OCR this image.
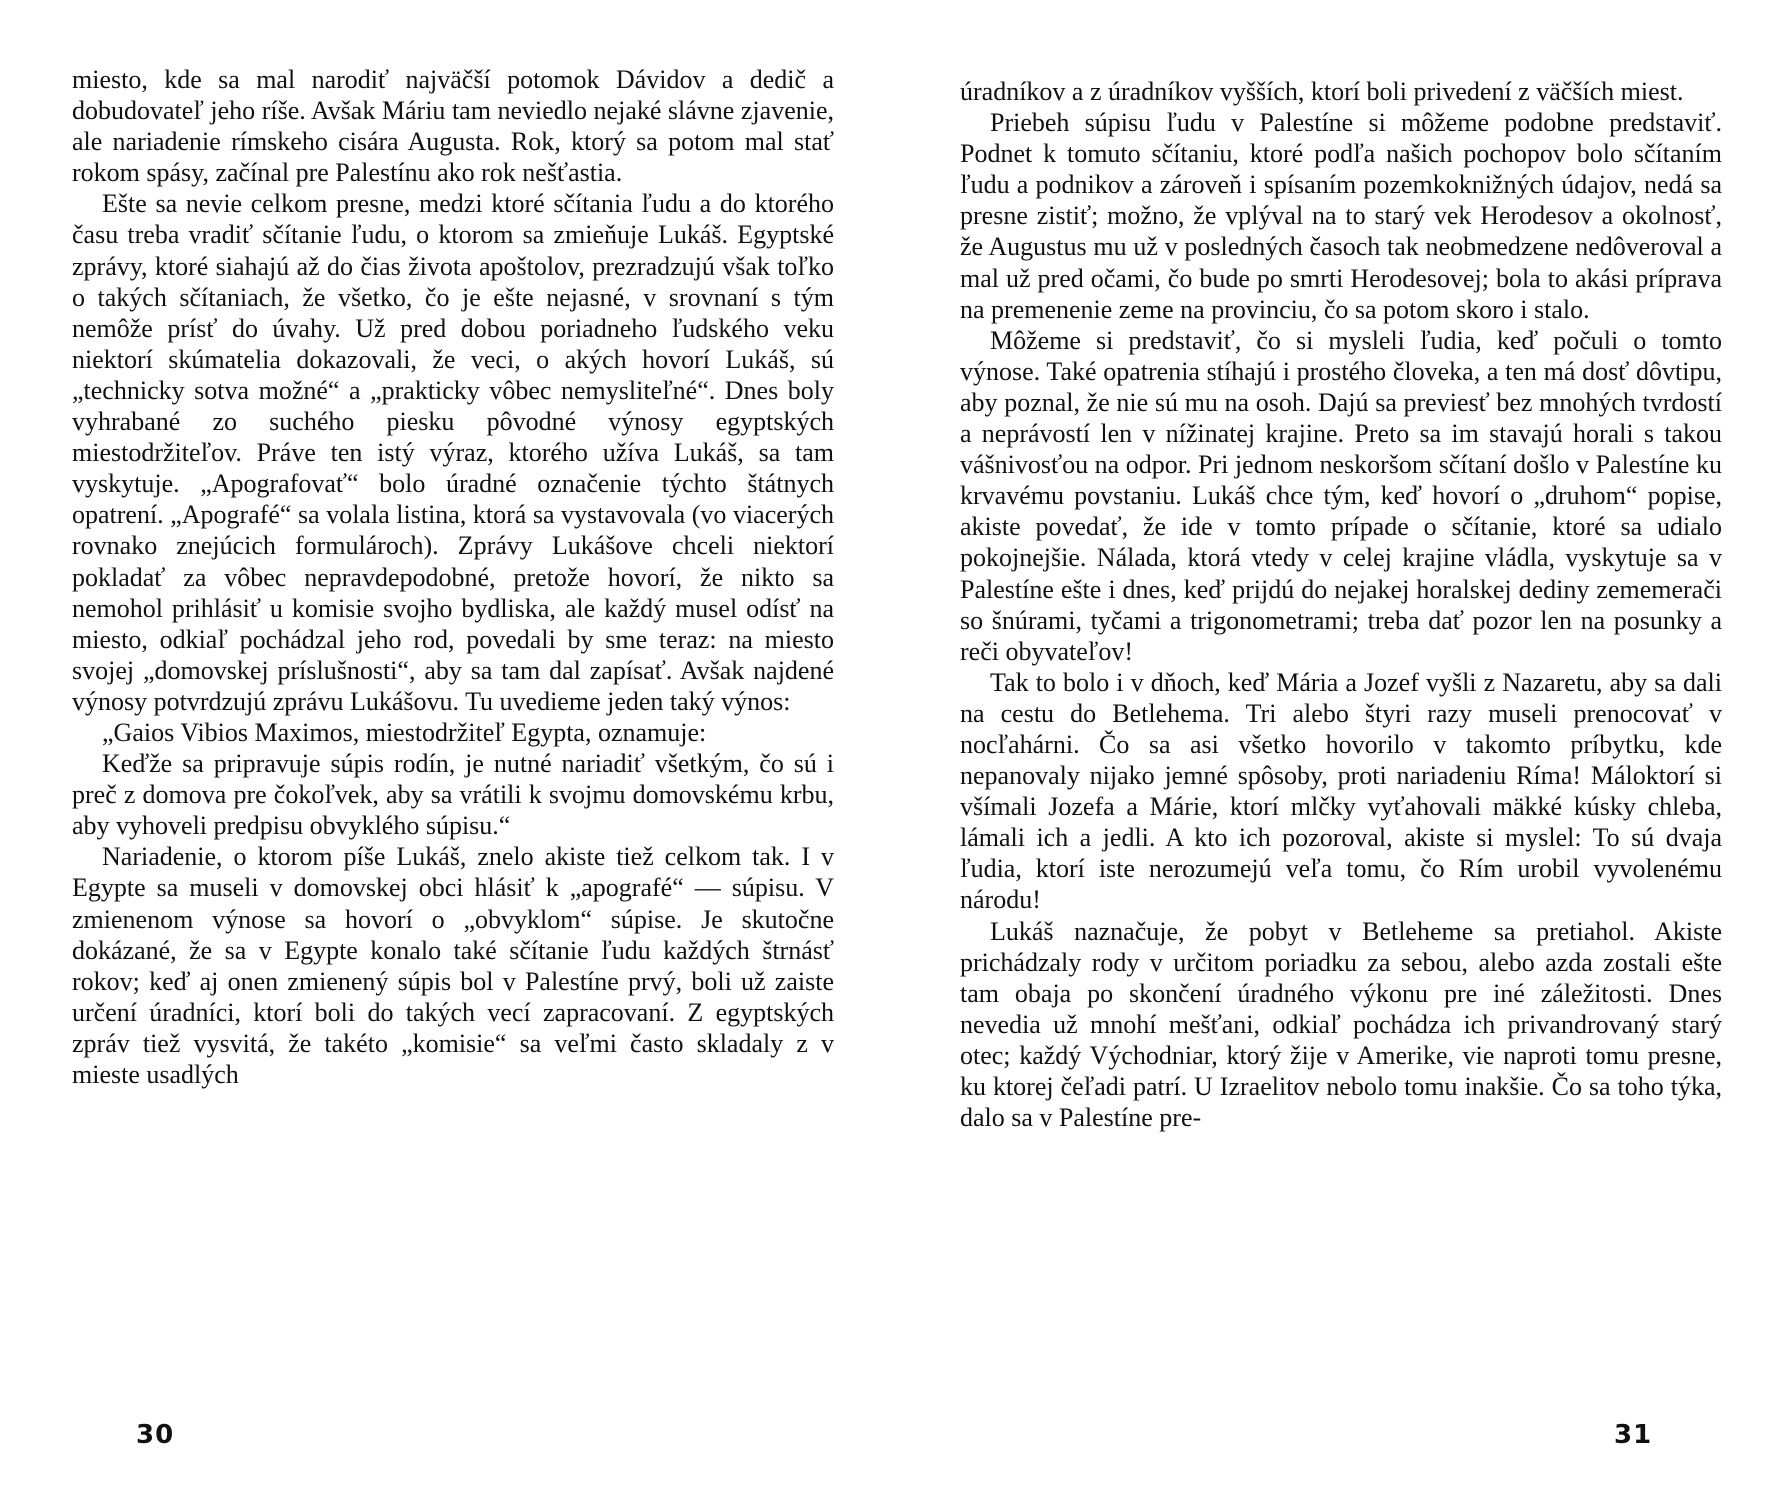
miesto, kde sa mal narodiť najväčší potomok Dávidov a dedič a dobudovateľ jeho ríše. Avšak Máriu tam neviedlo nejaké slávne zjavenie, ale nariadenie rímskeho cisára Augusta. Rok, ktorý sa potom mal stať rokom spásy, začínal pre Palestínu ako rok nešťastia.

Ešte sa nevie celkom presne, medzi ktoré sčítania ľudu a do ktorého času treba vradiť sčítanie ľudu, o ktorom sa zmieňuje Lukáš. Egyptské zprávy, ktoré siahajú až do čias života apoštolov, prezradzujú však toľko o takých sčítaniach, že všetko, čo je ešte nejasné, v srovnaní s tým nemôže prísť do úvahy. Už pred dobou poriadneho ľudského veku niektorí skúmatelia dokazovali, že veci, o akých hovorí Lukáš, sú „technicky sotva možné“ a „prakticky vôbec nemysliteľné“. Dnes boly vyhrabané zo suchého piesku pôvodné výnosy egyptských miestodržiteľov. Práve ten istý výraz, ktorého užíva Lukáš, sa tam vyskytuje. „Apografovať“ bolo úradné označenie týchto štátnych opatrení. „Apografé“ sa volala listina, ktorá sa vystavovala (vo viacerých rovnako znejúcich formulároch). Zprávy Lukášove chceli niektorí pokladať za vôbec nepravdepodobné, pretože hovorí, že nikto sa nemohol prihlásiť u komisie svojho bydliska, ale každý musel odísť na miesto, odkiaľ pochádzal jeho rod, povedali by sme teraz: na miesto svojej „domovskej príslušnosti“, aby sa tam dal zapísať. Avšak najdené výnosy potvrdzujú zprávu Lukášovu. Tu uvedieme jeden taký výnos:

„Gaios Vibios Maximos, miestodržiteľ Egypta, oznamuje:

Keďže sa pripravuje súpis rodín, je nutné nariadiť všetkým, čo sú i preč z domova pre čokoľvek, aby sa vrátili k svojmu domovskému krbu, aby vyhoveli predpisu obvyklého súpisu.“

Nariadenie, o ktorom píše Lukáš, znelo akiste tiež celkom tak. I v Egypte sa museli v domovskej obci hlásiť k „apografé“ — súpisu. V zmienenom výnose sa hovorí o „obvyklom“ súpise. Je skutočne dokázané, že sa v Egypte konalo také sčítanie ľudu každých štrnásť rokov; keď aj onen zmienený súpis bol v Palestíne prvý, boli už zaiste určení úradníci, ktorí boli do takých vecí zapracovaní. Z egyptských zpráv tiež vysvitá, že takéto „komisie“ sa veľmi často skladaly z v mieste usadlých

30

úradníkov a z úradníkov vyšších, ktorí boli privedení z väčších miest.

Priebeh súpisu ľudu v Palestíne si môžeme podobne predstaviť. Podnet k tomuto sčítaniu, ktoré podľa našich pochopov bolo sčítaním ľudu a podnikov a zároveň i spísaním pozemkoknižných údajov, nedá sa presne zistiť; možno, že vplýval na to starý vek Herodesov a okolnosť, že Augustus mu už v posledných časoch tak neobmedzene nedôveroval a mal už pred očami, čo bude po smrti Herodesovej; bola to akási príprava na premenenie zeme na provinciu, čo sa potom skoro i stalo.

Môžeme si predstaviť, čo si mysleli ľudia, keď počuli o tomto výnose. Také opatrenia stíhajú i prostého človeka, a ten má dosť dôvtipu, aby poznal, že nie sú mu na osoh. Dajú sa previesť bez mnohých tvrdostí a neprávostí len v nížinatej krajine. Preto sa im stavajú horali s takou vášnivosťou na odpor. Pri jednom neskoršom sčítaní došlo v Palestíne ku krvavému povstaniu. Lukáš chce tým, keď hovorí o „druhom“ popise, akiste povedať, že ide v tomto prípade o sčítanie, ktoré sa udialo pokojnejšie. Nálada, ktorá vtedy v celej krajine vládla, vyskytuje sa v Palestíne ešte i dnes, keď prijdú do nejakej horalskej dediny zememerači so šnúrami, tyčami a trigonometrami; treba dať pozor len na posunky a reči obyvateľov!

Tak to bolo i v dňoch, keď Mária a Jozef vyšli z Nazaretu, aby sa dali na cestu do Betlehema. Tri alebo štyri razy museli prenocovať v nocľahárni. Čo sa asi všetko hovorilo v takomto príbytku, kde nepanovaly nijako jemné spôsoby, proti nariadeniu Ríma! Máloktorí si všímali Jozefa a Márie, ktorí mlčky vyťahovali mäkké kúsky chleba, lámali ich a jedli. A kto ich pozoroval, akiste si myslel: To sú dvaja ľudia, ktorí iste nerozumejú veľa tomu, čo Rím urobil vyvolenému národu!

Lukáš naznačuje, že pobyt v Betleheme sa pretiahol. Akiste prichádzaly rody v určitom poriadku za sebou, alebo azda zostali ešte tam obaja po skončení úradného výkonu pre iné záležitosti. Dnes nevedia už mnohí mešťani, odkiaľ pochádza ich privandrovaný starý otec; každý Východniar, ktorý žije v Amerike, vie naproti tomu presne, ku ktorej čeľadi patrí. U Izraelitov nebolo tomu inakšie. Čo sa toho týka, dalo sa v Palestíne pre-

31
